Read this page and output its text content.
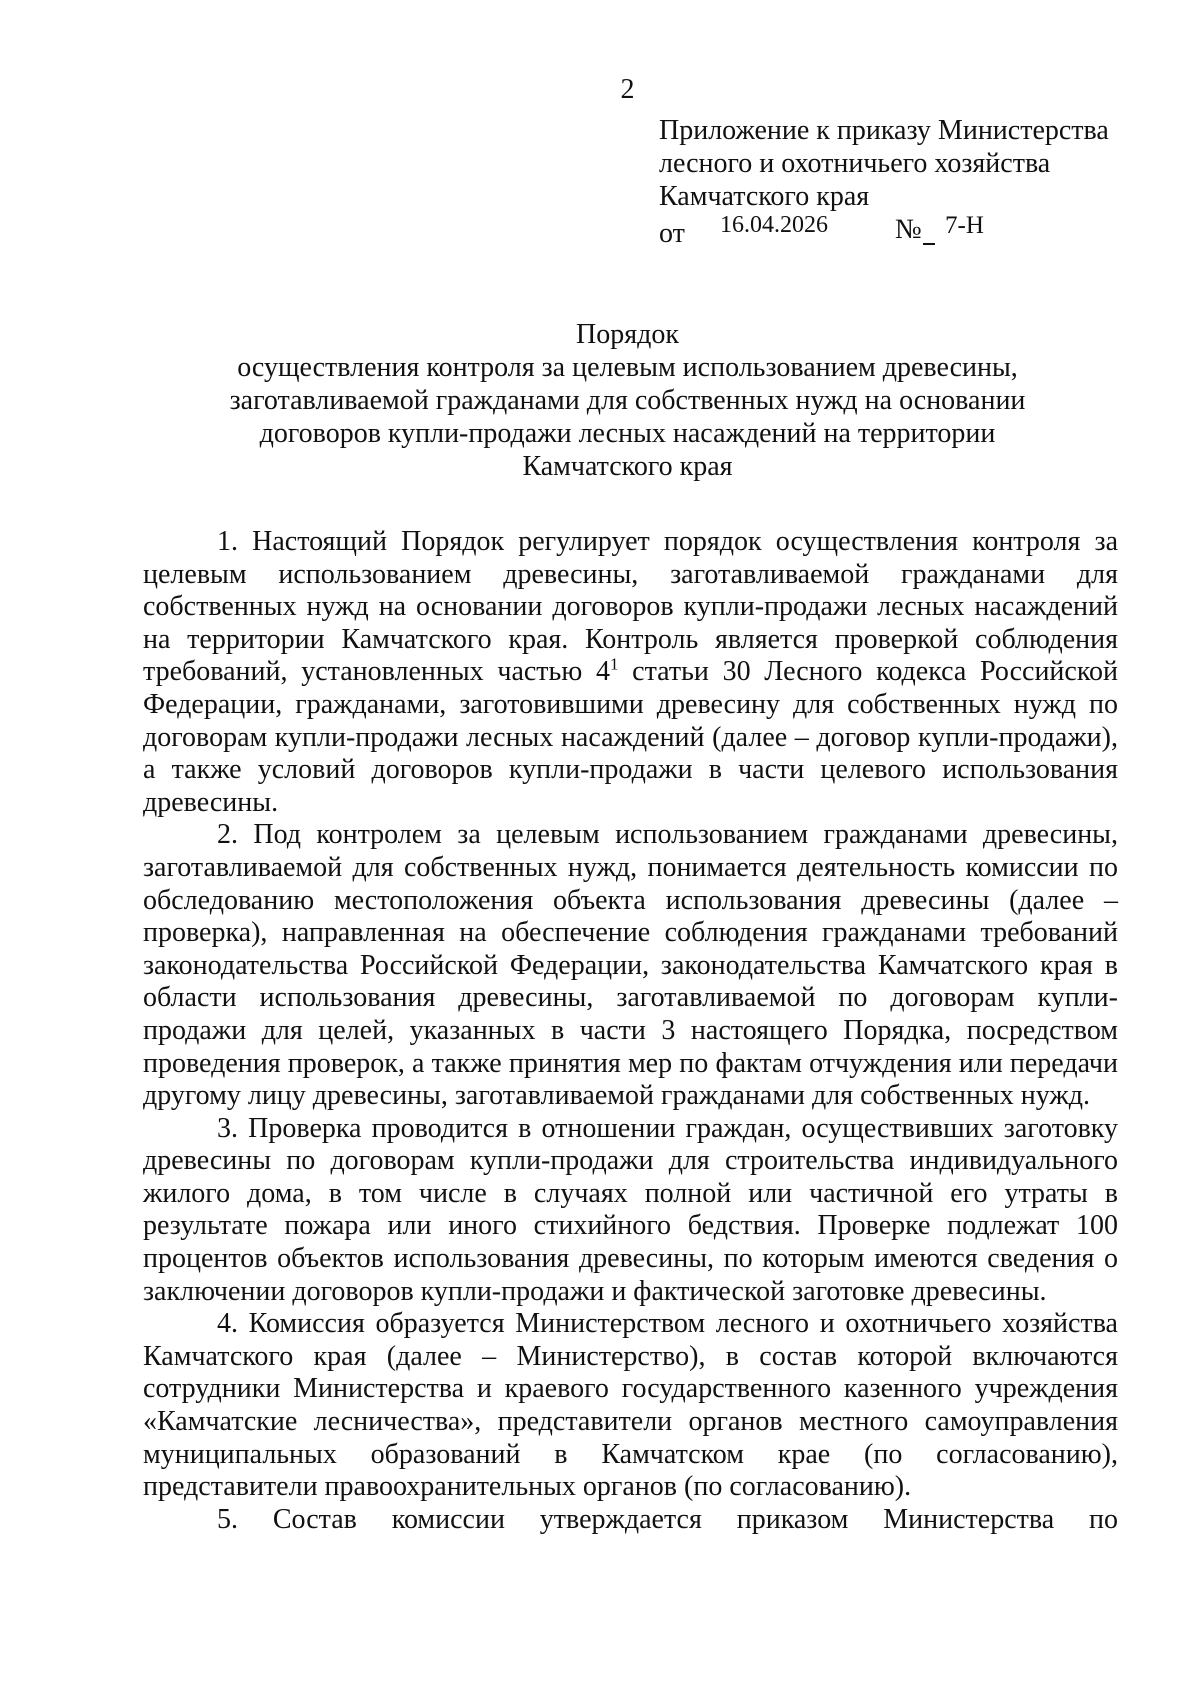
2
Приложение к приказу Министерства
лесного и охотничьего хозяйства
Камчатского края
от 16.04.2026 № 7-Н
Порядок
осуществления контроля за целевым использованием древесины,
заготавливаемой гражданами для собственных нужд на основании
договоров купли-продажи лесных насаждений на территории
Камчатского края

1. Настоящий Порядок регулирует порядок осуществления контроля за целевым использованием древесины, заготавливаемой гражданами для собственных нужд на основании договоров купли-продажи лесных насаждений на территории Камчатского края. Контроль является проверкой соблюдения требований, установленных частью $4^1$ статьи 30 Лесного кодекса Российской Федерации, гражданами, заготовившими древесину для собственных нужд по договорам купли-продажи лесных насаждений (далее – договор купли-продажи), а также условий договоров купли-продажи в части целевого использования древесины.

2. Под контролем за целевым использованием гражданами древесины, заготавливаемой для собственных нужд, понимается деятельность комиссии по обследованию местоположения объекта использования древесины (далее – проверка), направленная на обеспечение соблюдения гражданами требований законодательства Российской Федерации, законодательства Камчатского края в области использования древесины, заготавливаемой по договорам купли-продажи для целей, указанных в части 3 настоящего Порядка, посредством проведения проверок, а также принятия мер по фактам отчуждения или передачи другому лицу древесины, заготавливаемой гражданами для собственных нужд.

3. Проверка проводится в отношении граждан, осуществивших заготовку древесины по договорам купли-продажи для строительства индивидуального жилого дома, в том числе в случаях полной или частичной его утраты в результате пожара или иного стихийного бедствия. Проверке подлежат 100 процентов объектов использования древесины, по которым имеются сведения о заключении договоров купли-продажи и фактической заготовке древесины.

4. Комиссия образуется Министерством лесного и охотничьего хозяйства Камчатского края (далее – Министерство), в состав которой включаются сотрудники Министерства и краевого государственного казенного учреждения «Камчатские лесничества», представители органов местного самоуправления муниципальных образований в Камчатском крае (по согласованию), представители правоохранительных органов (по согласованию).

5. Состав комиссии утверждается приказом Министерства по
